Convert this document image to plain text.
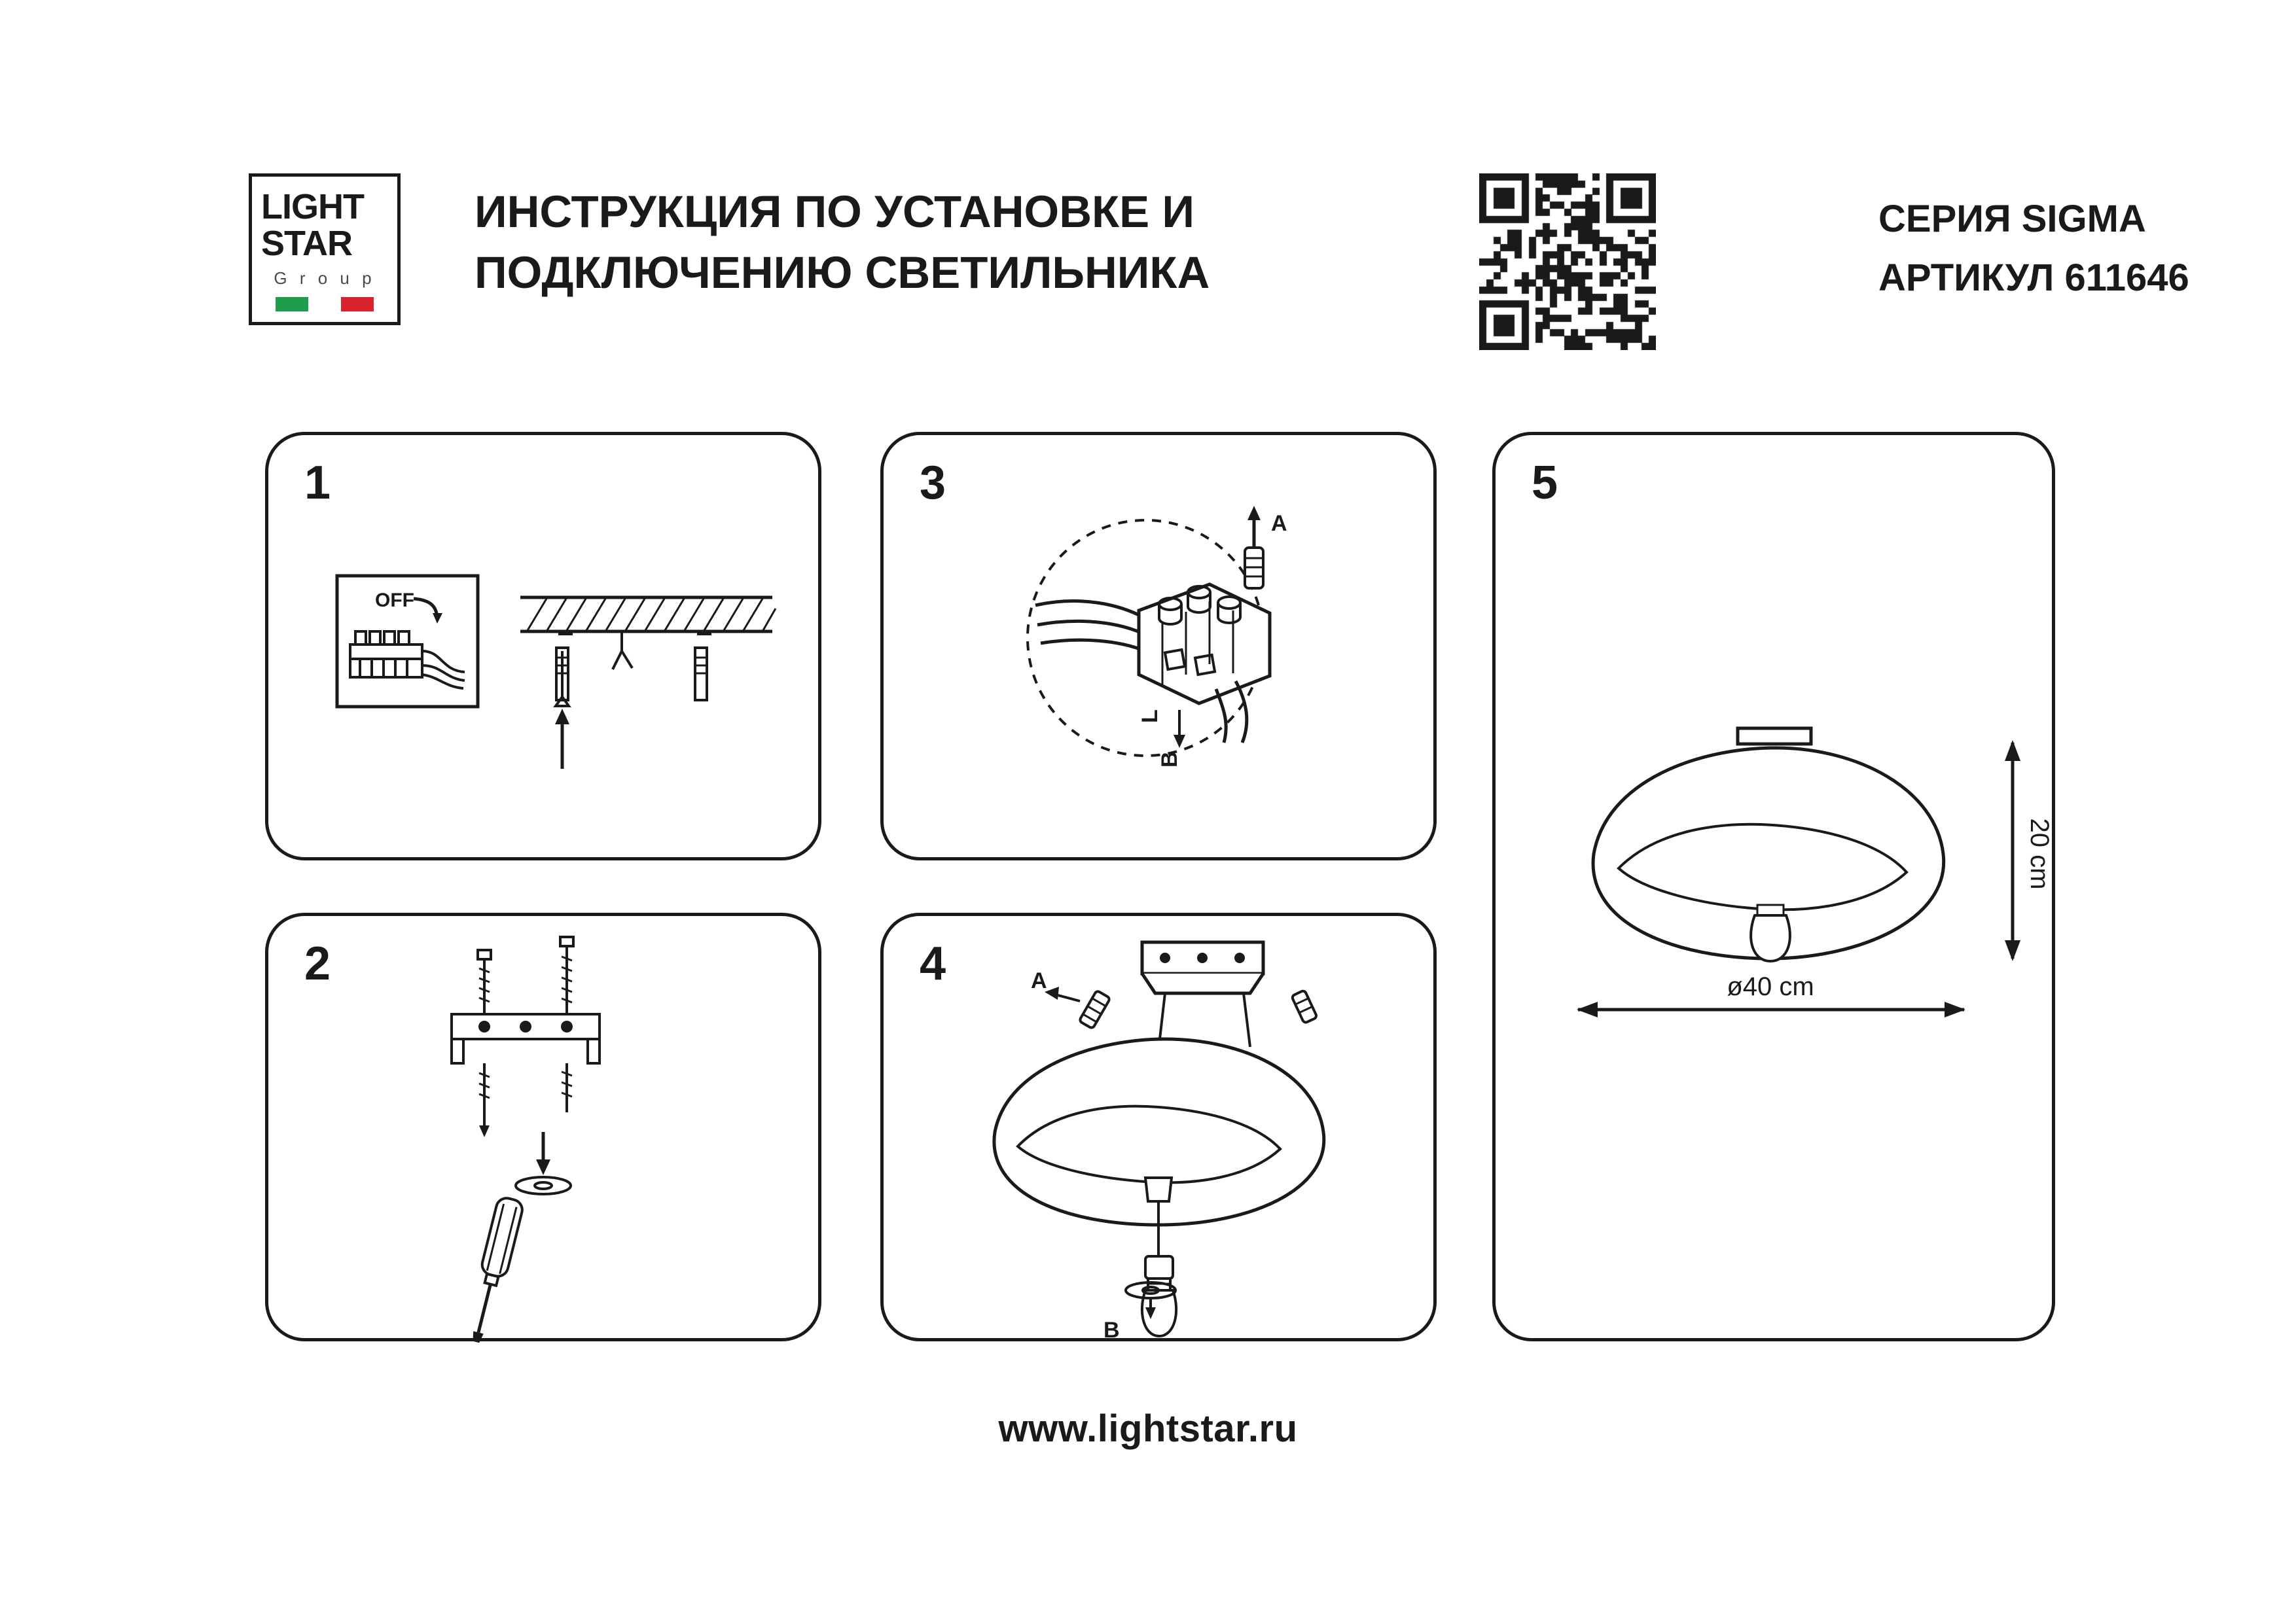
LIGHT
STAR
G r o u p
ИНСТРУКЦИЯ ПО УСТАНОВКЕ И ПОДКЛЮЧЕНИЮ СВЕТИЛЬНИКА
СЕРИЯ SIGMA
АРТИКУЛ 611646
1
OFF
2
3
A
L
B
4	A
B
5
20 cm
ø40 cm
www.lightstar.ru
